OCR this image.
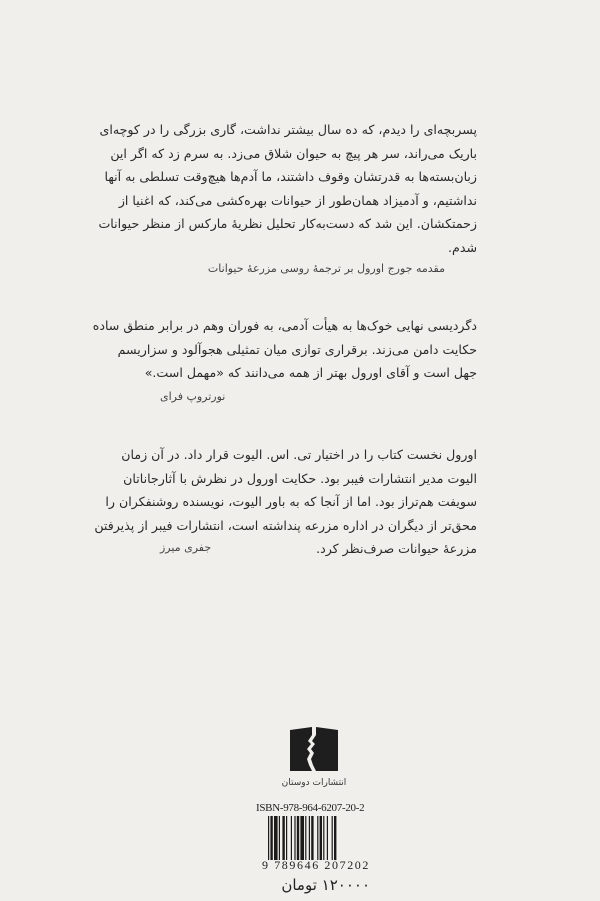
پسربچه‌ای را دیدم، که ده سال بیشتر نداشت، گاری بزرگی را در کوچه‌ای
باریک می‌راند، سر هر پیچ به حیوان شلاق می‌زد. به سرم زد که اگر این
زبان‌بسته‌ها به قدرتشان وقوف داشتند، ما آدم‌ها هیچ‌وقت تسلطی به آنها
نداشتیم، و آدمیزاد همان‌طور از حیوانات بهره‌کشی می‌کند، که اغنیا از
زحمتکشان. این شد که دست‌به‌کار تحلیل نظریهٔ مارکس از منظر حیوانات
شدم.
مقدمه جورج اورول بر ترجمهٔ روسی مزرعهٔ حیوانات
دگردیسی نهایی خوک‌ها به هیأت آدمی، به فوران وهم در برابر منطق ساده
حکایت دامن می‌زند. برقراری توازی میان تمثیلی هجوآلود و سزاریسم
جهل است و آقای اورول بهتر از همه می‌دانند که «مهمل است.»
نورتروپ فرای
اورول نخست کتاب را در اختیار تی. اس. الیوت قرار داد. در آن زمان
الیوت مدیر انتشارات فیبر بود. حکایت اورول در نظرش با آثارجاناتان
سویفت هم‌تراز بود. اما از آنجا که به باور الیوت، نویسنده روشنفکران را
محق‌تر از دیگران در اداره مزرعه پنداشته است، انتشارات فیبر از پذیرفتن
مزرعهٔ حیوانات صرف‌نظر کرد.
جفری میرز
انتشارات دوستان
ISBN-978-964-6207-20-2
9 789646 207202
۱۲۰۰۰۰ تومان
